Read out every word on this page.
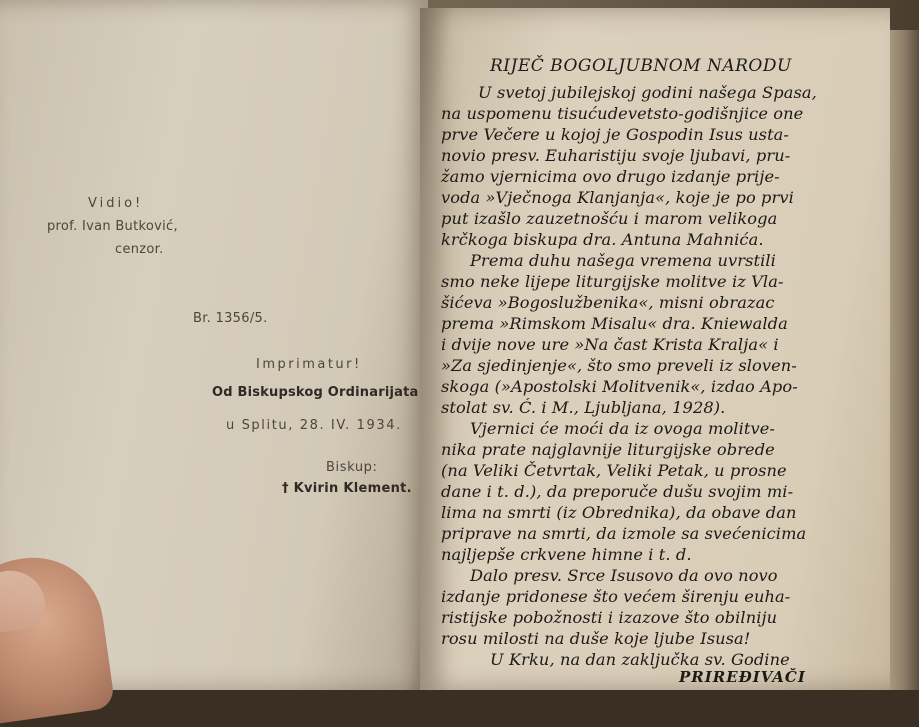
Vidio!
prof. Ivan Butković,
cenzor.
Br. 1356/5.
Imprimatur!
Od Biskupskog Ordinarijata
u Splitu, 28. IV. 1934.
Biskup:
† Kvirin Klement.
RIJEČ BOGOLJUBNOM NARODU
U svetoj jubilejskoj godini našega Spasa,
na uspomenu tisućudevetsto-godišnjice one
prve Večere u kojoj je Gospodin Isus usta-
novio presv. Euharistiju svoje ljubavi, pru-
žamo vjernicima ovo drugo izdanje prije-
voda »Vječnoga Klanjanja«, koje je po prvi
put izašlo zauzetnošću i marom velikoga
krčkoga biskupa dra. Antuna Mahnića.
Prema duhu našega vremena uvrstili
smo neke lijepe liturgijske molitve iz Vla-
šićeva »Bogoslužbenika«, misni obrazac
prema »Rimskom Misalu« dra. Kniewalda
i dvije nove ure »Na čast Krista Kralja« i
»Za sjedinjenje«, što smo preveli iz sloven-
skoga (»Apostolski Molitvenik«, izdao Apo-
stolat sv. Ć. i M., Ljubljana, 1928).
Vjernici će moći da iz ovoga molitve-
nika prate najglavnije liturgijske obrede
(na Veliki Četvrtak, Veliki Petak, u prosne
dane i t. d.), da preporuče dušu svojim mi-
lima na smrti (iz Obrednika), da obave dan
priprave na smrti, da izmole sa svećenicima
najljepše crkvene himne i t. d.
Dalo presv. Srce Isusovo da ovo novo
izdanje pridonese što većem širenju euha-
ristijske pobožnosti i izazove što obilniju
rosu milosti na duše koje ljube Isusa!
U Krku, na dan zaključka sv. Godine
PRIREĐIVAČI
